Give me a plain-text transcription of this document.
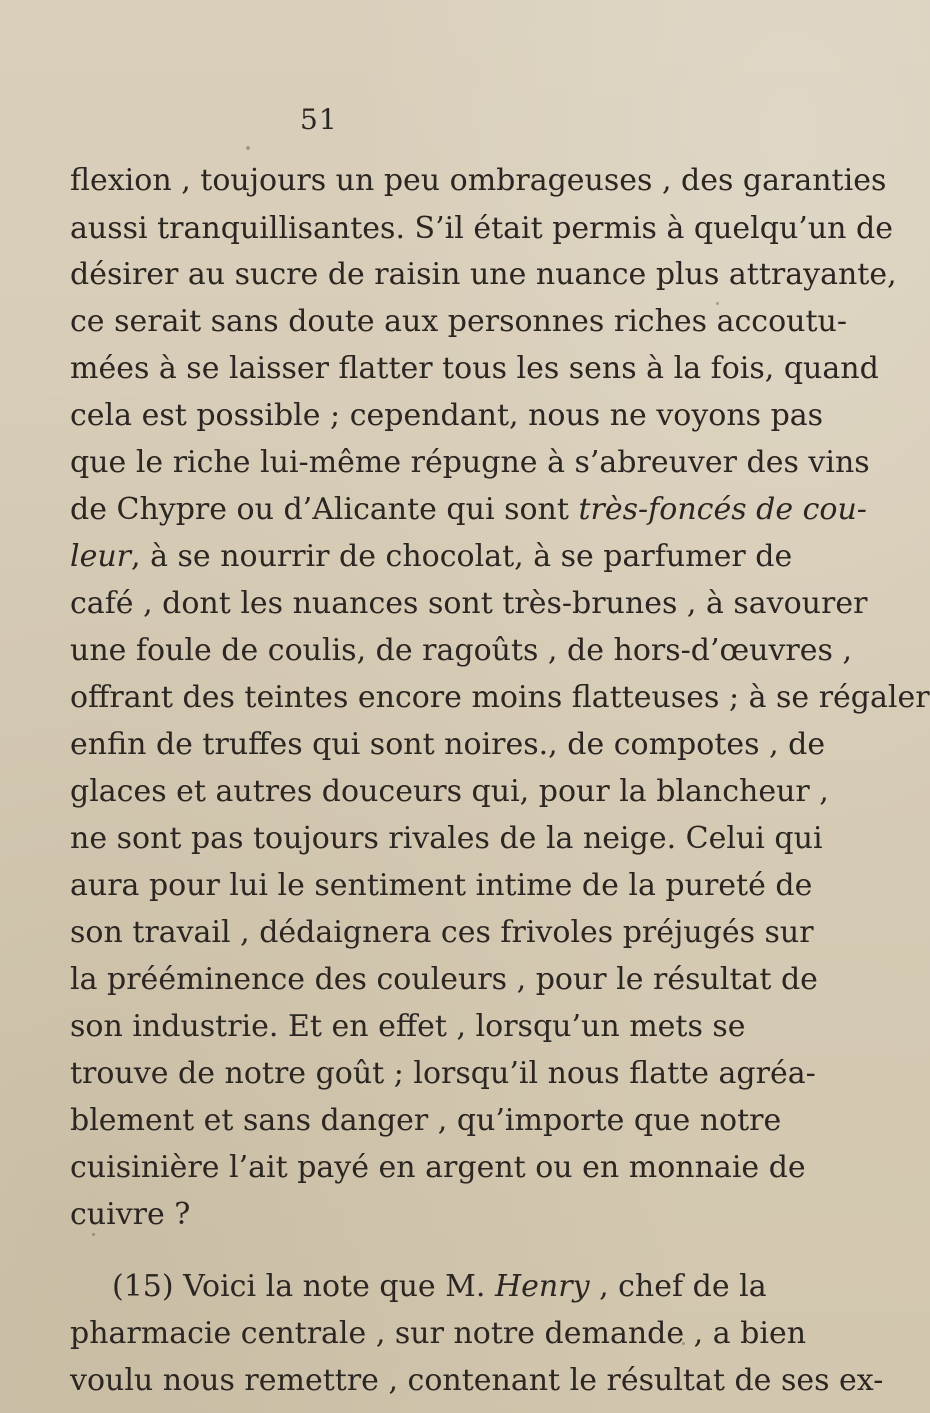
51
flexion , toujours un peu ombrageuses , des garanties
aussi tranquillisantes. S’il était permis à quelqu’un de
désirer au sucre de raisin une nuance plus attrayante,
ce serait sans doute aux personnes riches accoutu-
mées à se laisser flatter tous les sens à la fois, quand
cela est possible ; cependant, nous ne voyons pas
que le riche lui-même répugne à s’abreuver des vins
de Chypre ou d’Alicante qui sont très-foncés de cou-
leur, à se nourrir de chocolat, à se parfumer de
café , dont les nuances sont très-brunes , à savourer
une foule de coulis, de ragoûts , de hors-d’œuvres ,
offrant des teintes encore moins flatteuses ; à se régaler
enfin de truffes qui sont noires., de compotes , de
glaces et autres douceurs qui, pour la blancheur ,
ne sont pas toujours rivales de la neige. Celui qui
aura pour lui le sentiment intime de la pureté de
son travail , dédaignera ces frivoles préjugés sur
la prééminence des couleurs , pour le résultat de
son industrie. Et en effet , lorsqu’un mets se
trouve de notre goût ; lorsqu’il nous flatte agréa-
blement et sans danger , qu’importe que notre
cuisinière l’ait payé en argent ou en monnaie de
cuivre ?
(15) Voici la note que M. Henry , chef de la
pharmacie centrale , sur notre demande , a bien
voulu nous remettre , contenant le résultat de ses ex-
